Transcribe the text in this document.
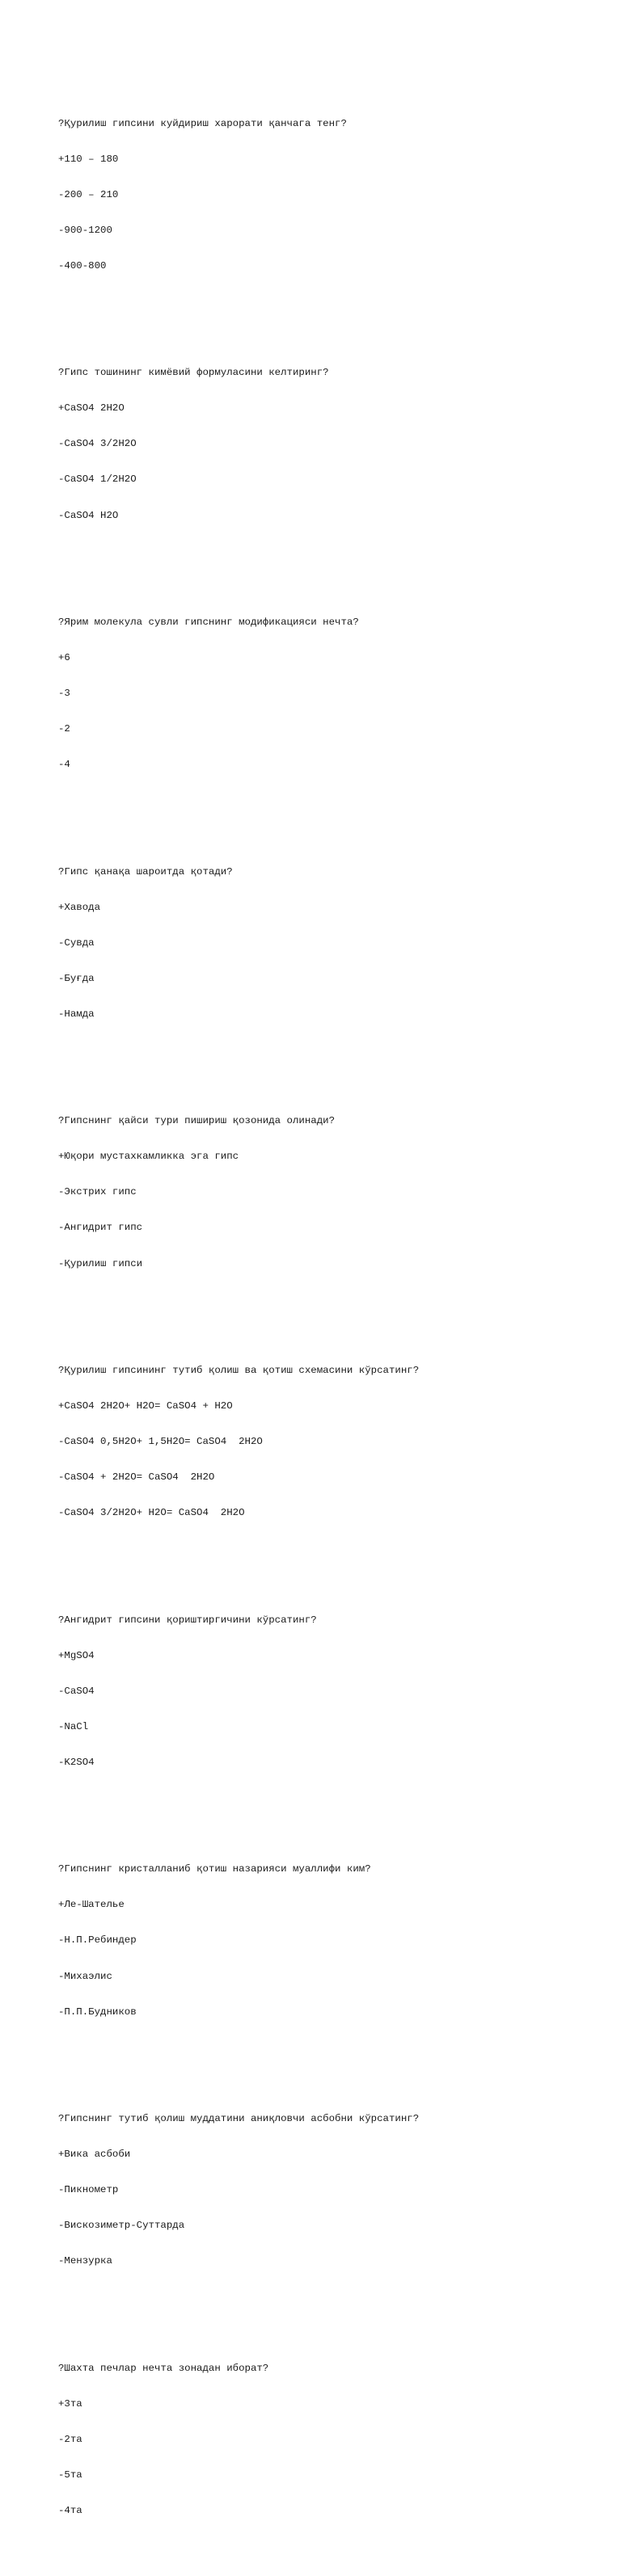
?Қурилиш гипсини куйдириш харорати қанчага тенг?

+110 – 180

-200 – 210

-900-1200

-400-800

?Гипс тошининг кимёвий формуласини келтиринг?

+CaSO4 2H2O

-CaSO4 3/2H2O

-CaSO4 1/2H2O

-CaSO4 H2O

?Ярим молекула сувли гипснинг модификацияси нечта?

+6

-3

-2

-4

?Гипс қанақа шароитда қотади?

+Хавода

-Сувда

-Буғда

-Намда

?Гипснинг қайси тури пишириш қозонида олинади?

+Юқори мустахкамликка эга гипс

-Экстрих гипс

-Ангидрит гипс

-Қурилиш гипси

?Қурилиш гипсининг тутиб қолиш ва қотиш схемасини кўрсатинг?

+CaSO4 2H2O+ H2O= CaSO4 + H2O

-CaSO4 0,5H2O+ 1,5H2O= CaSO4  2H2O

-CaSO4 + 2H2O= CaSO4  2H2O

-CaSO4 3/2H2O+ H2O= CaSO4  2H2O

?Ангидрит гипсини қориштиргичини кўрсатинг?

+MgSO4

-CaSO4

-NaCl

-K2SO4

?Гипснинг кристалланиб қотиш назарияси муаллифи ким?

+Ле-Шателье

-Н.П.Ребиндер

-Михаэлис

-П.П.Будников

?Гипснинг тутиб қолиш муддатини аниқловчи асбобни кўрсатинг?

+Вика асбоби

-Пикнометр

-Вискозиметр-Суттарда

-Мензурка

?Шахта печлар нечта зонадан иборат?

+3та

-2та

-5та

-4та
